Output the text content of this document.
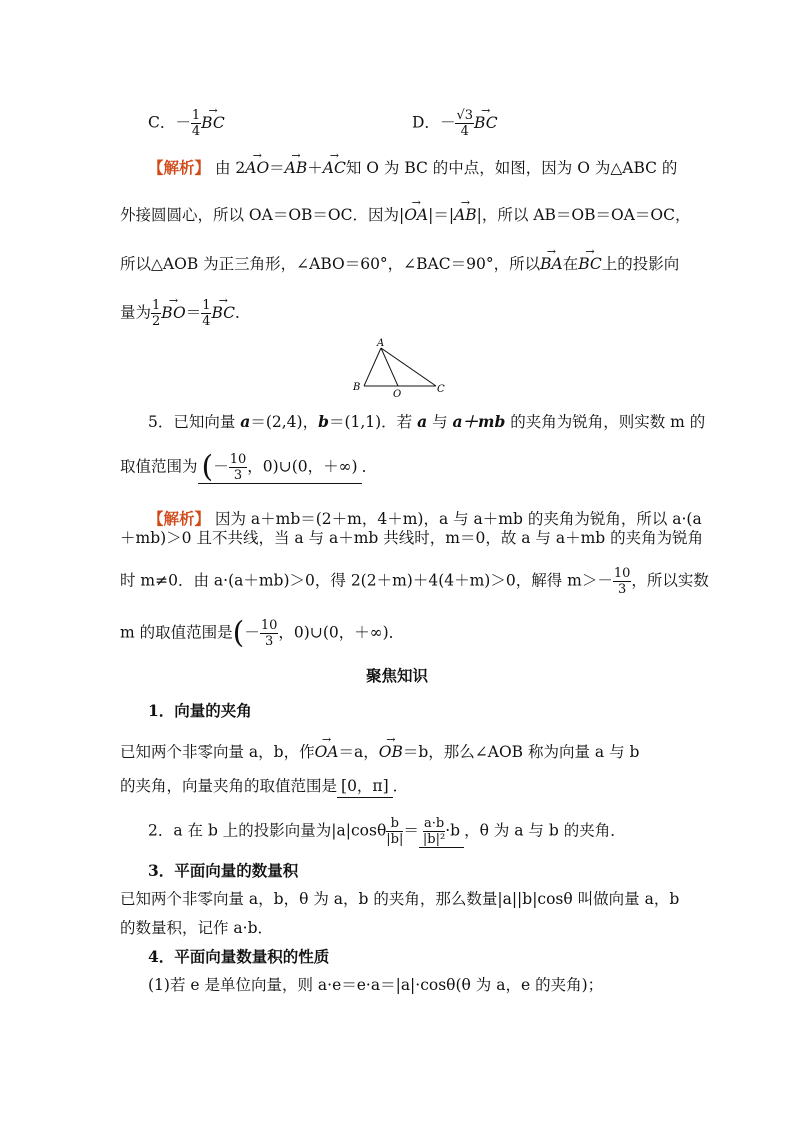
C．－ $\frac{1}{4}$
→ BC	D．－ $\frac{√3}{4}$
→ BC
【解析】 由 2→ AO＝→ AB＋→ AC知 O 为 BC 的中点，如图，因为 O 为△ABC 的
外接圆圆心，所以 OA＝OB＝OC．因为|→ OA|＝|→ AB|，所以 AB＝OB＝OA＝OC，
所以△AOB 为正三角形，∠ABO＝60°，∠BAC＝90°，所以→ BA在→ BC上的投影向
量为 $\frac{1}{2}$
→ $BO= \frac{1}{4}$
→ BC．
A
B
O	C
5．已知向量 a＝(2,4)，b＝(1,1)．若 a 与 a＋mb 的夹角为锐角，则实数 m 的
取值范围为 (－ $\frac{10}{3}$ ，0)∪(0，＋∞) ．
【解析】 因为 a＋mb＝(2＋m，4＋m)，a 与 a＋mb 的夹角为锐角，所以 a·(a
＋mb)＞0 且不共线，当 a 与 a＋mb 共线时，m＝0，故 a 与 a＋mb 的夹角为锐角
时 m≠0．由 a·(a＋mb)＞0，得 2(2＋m)＋4(4＋m)＞0，解得 $m>- \frac{10}{3}$ ，所以实数
m 的取值范围是(－ $\frac{10}{3}$ ，0)∪(0，＋∞)．
聚焦知识
1．向量的夹角
已知两个非零向量 a，b，作→ OA＝a，→ OB＝b，那么∠AOB 称为向量 a 与 b
的夹角，向量夹角的取值范围是 [0，π] ．
2．a 在 b 上的投影向量为$|a|\cos\theta \frac{b}{|b|} = \frac{a\cdot b}{\text{|b|²}} \cdot b$ ，θ 为 a 与 b 的夹角．
3．平面向量的数量积
已知两个非零向量 a，b，θ 为 a，b 的夹角，那么数量|a||b|cosθ 叫做向量 a，b
的数量积，记作 a·b．
4．平面向量数量积的性质
(1)若 e 是单位向量，则 a·e＝e·a＝|a|·cosθ(θ 为 a，e 的夹角)；
